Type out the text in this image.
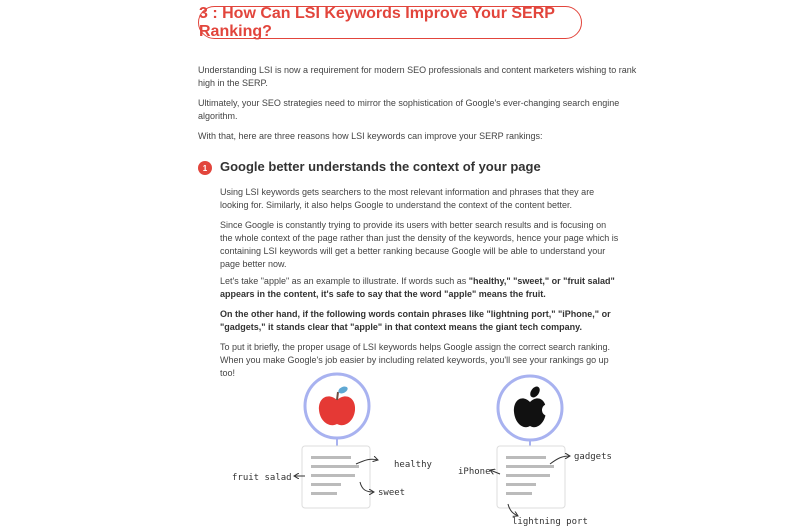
3 : How Can LSI Keywords Improve Your SERP Ranking?

Understanding LSI is now a requirement for modern SEO professionals and content marketers wishing to rank high in the SERP.

Ultimately, your SEO strategies need to mirror the sophistication of Google's ever-changing search engine algorithm.

With that, here are three reasons how LSI keywords can improve your SERP rankings:

1 Google better understands the context of your page

Using LSI keywords gets searchers to the most relevant information and phrases that they are looking for. Similarly, it also helps Google to understand the context of the content better.

Since Google is constantly trying to provide its users with better search results and is focusing on the whole context of the page rather than just the density of the keywords, hence your page which is containing LSI keywords will get a better ranking because Google will be able to understand your page better now.

Let's take "apple" as an example to illustrate. If words such as "healthy," "sweet," or "fruit salad" appears in the content, it's safe to say that the word "apple" means the fruit.

On the other hand, if the following words contain phrases like "lightning port," "iPhone," or "gadgets," it stands clear that "apple" in that context means the giant tech company.

To put it briefly, the proper usage of LSI keywords helps Google assign the correct search ranking. When you make Google's job easier by including related keywords, you'll see your rankings go up too!

fruit salad
healthy
sweet
iPhone
gadgets
lightning port
